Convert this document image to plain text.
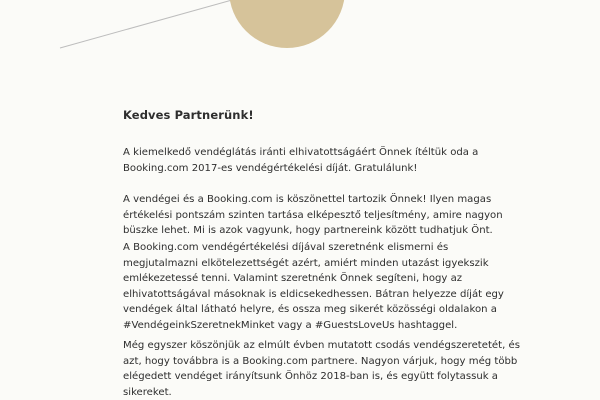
Kedves Partnerünk!

A kiemelkedő vendéglátás iránti elhivatottságáért Önnek ítéltük oda a
Booking.com 2017-es vendégértékelési díját. Gratulálunk!

A vendégei és a Booking.com is köszönettel tartozik Önnek! Ilyen magas
értékelési pontszám szinten tartása elképesztő teljesítmény, amire nagyon
büszke lehet. Mi is azok vagyunk, hogy partnereink között tudhatjuk Önt.

A Booking.com vendégértékelési díjával szeretnénk elismerni és
megjutalmazni elkötelezettségét azért, amiért minden utazást igyekszik
emlékezetessé tenni. Valamint szeretnénk Önnek segíteni, hogy az
elhivatottságával másoknak is eldicsekedhessen. Bátran helyezze díját egy
vendégek által látható helyre, és ossza meg sikerét közösségi oldalakon a
#VendégeinkSzeretnekMinket vagy a #GuestsLoveUs hashtaggel.

Még egyszer köszönjük az elmúlt évben mutatott csodás vendégszeretetét, és
azt, hogy továbbra is a Booking.com partnere. Nagyon várjuk, hogy még több
elégedett vendéget irányítsunk Önhöz 2018-ban is, és együtt folytassuk a
sikereket.
